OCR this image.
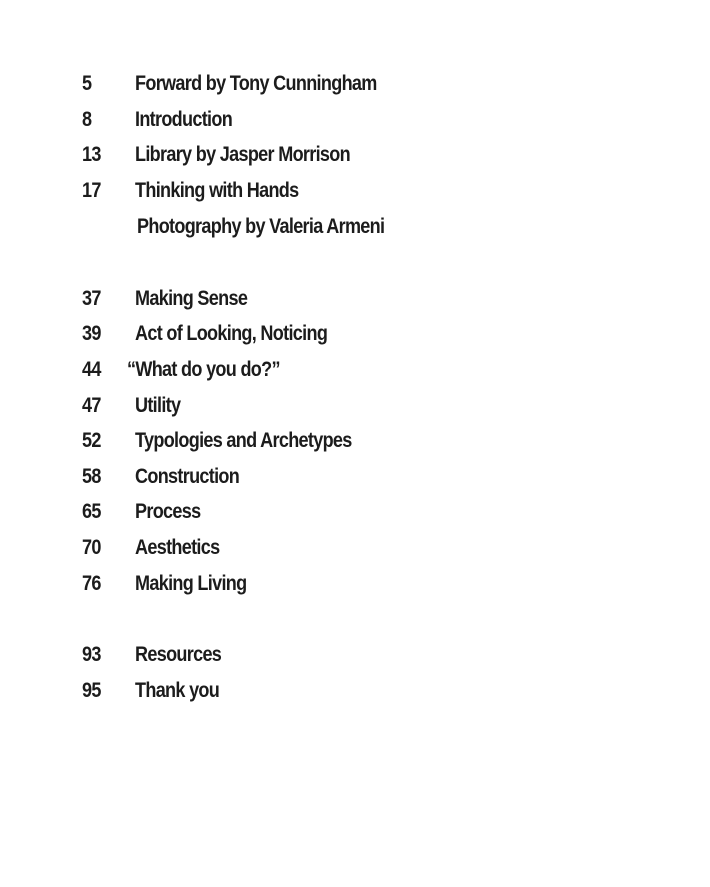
5 Forward by Tony Cunningham
8 Introduction
13 Library by Jasper Morrison
17 Thinking with Hands
Photography by Valeria Armeni
37 Making Sense
39 Act of Looking, Noticing
44 “What do you do?”
47 Utility
52 Typologies and Archetypes
58 Construction
65 Process
70 Aesthetics
76 Making Living
93 Resources
95 Thank you
